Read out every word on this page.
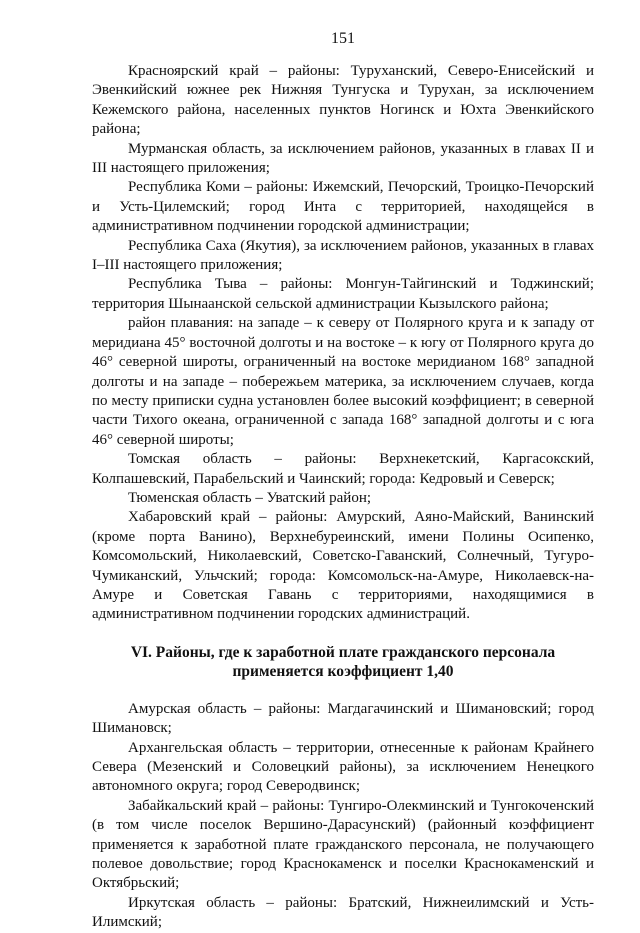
151

Красноярский край – районы: Туруханский, Северо-Енисейский и Эвенкийский южнее рек Нижняя Тунгуска и Турухан, за исключением Кежемского района, населенных пунктов Ногинск и Юхта Эвенкийского района;

Мурманская область, за исключением районов, указанных в главах II и III настоящего приложения;

Республика Коми – районы: Ижемский, Печорский, Троицко-Печорский и Усть-Цилемский; город Инта с территорией, находящейся в административном подчинении городской администрации;

Республика Саха (Якутия), за исключением районов, указанных в главах I–III настоящего приложения;

Республика Тыва – районы: Монгун-Тайгинский и Тоджинский; территория Шынаанской сельской администрации Кызылского района;

район плавания: на западе – к северу от Полярного круга и к западу от меридиана 45° восточной долготы и на востоке – к югу от Полярного круга до 46° северной широты, ограниченный на востоке меридианом 168° западной долготы и на западе – побережьем материка, за исключением случаев, когда по месту приписки судна установлен более высокий коэффициент; в северной части Тихого океана, ограниченной с запада 168° западной долготы и с юга 46° северной широты;

Томская область – районы: Верхнекетский, Каргасокский, Колпашевский, Парабельский и Чаинский; города: Кедровый и Северск;

Тюменская область – Уватский район;

Хабаровский край – районы: Амурский, Аяно-Майский, Ванинский (кроме порта Ванино), Верхнебуреинский, имени Полины Осипенко, Комсомольский, Николаевский, Советско-Гаванский, Солнечный, Тугуро-Чумиканский, Ульчский; города: Комсомольск-на-Амуре, Николаевск-на-Амуре и Советская Гавань с территориями, находящимися в административном подчинении городских администраций.

VI. Районы, где к заработной плате гражданского персонала применяется коэффициент 1,40

Амурская область – районы: Магдагачинский и Шимановский; город Шимановск;

Архангельская область – территории, отнесенные к районам Крайнего Севера (Мезенский и Соловецкий районы), за исключением Ненецкого автономного округа; город Северодвинск;

Забайкальский край – районы: Тунгиро-Олекминский и Тунгокоченский (в том числе поселок Вершино-Дарасунский) (районный коэффициент применяется к заработной плате гражданского персонала, не получающего полевое довольствие; город Краснокаменск и поселки Краснокаменский и Октябрьский;

Иркутская область – районы: Братский, Нижнеилимский и Усть-Илимский;
